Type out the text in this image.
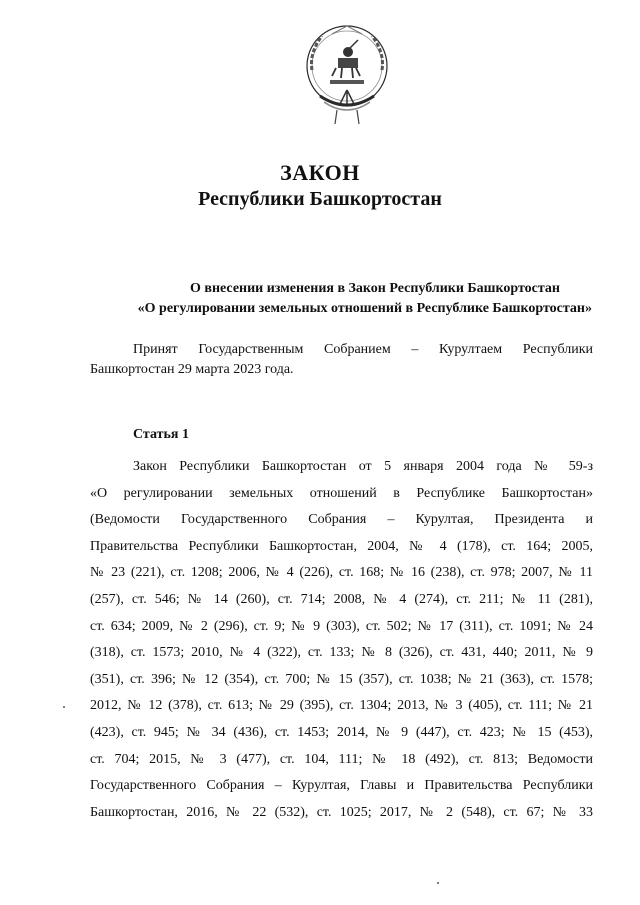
ЗАКОН
Республики Башкортостан
О внесении изменения в Закон Республики Башкортостан
«О регулировании земельных отношений в Республике Башкортостан»
Принят Государственным Собранием – Курултаем Республики Башкортостан 29 марта 2023 года.
Статья 1
Закон Республики Башкортостан от 5 января 2004 года № 59-з
«О регулировании земельных отношений в Республике Башкортостан»
(Ведомости Государственного Собрания – Курултая, Президента и
Правительства Республики Башкортостан, 2004, № 4 (178), ст. 164; 2005,
№ 23 (221), ст. 1208; 2006, № 4 (226), ст. 168; № 16 (238), ст. 978; 2007, № 11
(257), ст. 546; № 14 (260), ст. 714; 2008, № 4 (274), ст. 211; № 11 (281),
ст. 634; 2009, № 2 (296), ст. 9; № 9 (303), ст. 502; № 17 (311), ст. 1091; № 24
(318), ст. 1573; 2010, № 4 (322), ст. 133; № 8 (326), ст. 431, 440; 2011, № 9
(351), ст. 396; № 12 (354), ст. 700; № 15 (357), ст. 1038; № 21 (363), ст. 1578;
2012, № 12 (378), ст. 613; № 29 (395), ст. 1304; 2013, № 3 (405), ст. 111; № 21
(423), ст. 945; № 34 (436), ст. 1453; 2014, № 9 (447), ст. 423; № 15 (453),
ст. 704; 2015, № 3 (477), ст. 104, 111; № 18 (492), ст. 813; Ведомости
Государственного Собрания – Курултая, Главы и Правительства Республики
Башкортостан, 2016, № 22 (532), ст. 1025; 2017, № 2 (548), ст. 67; № 33
